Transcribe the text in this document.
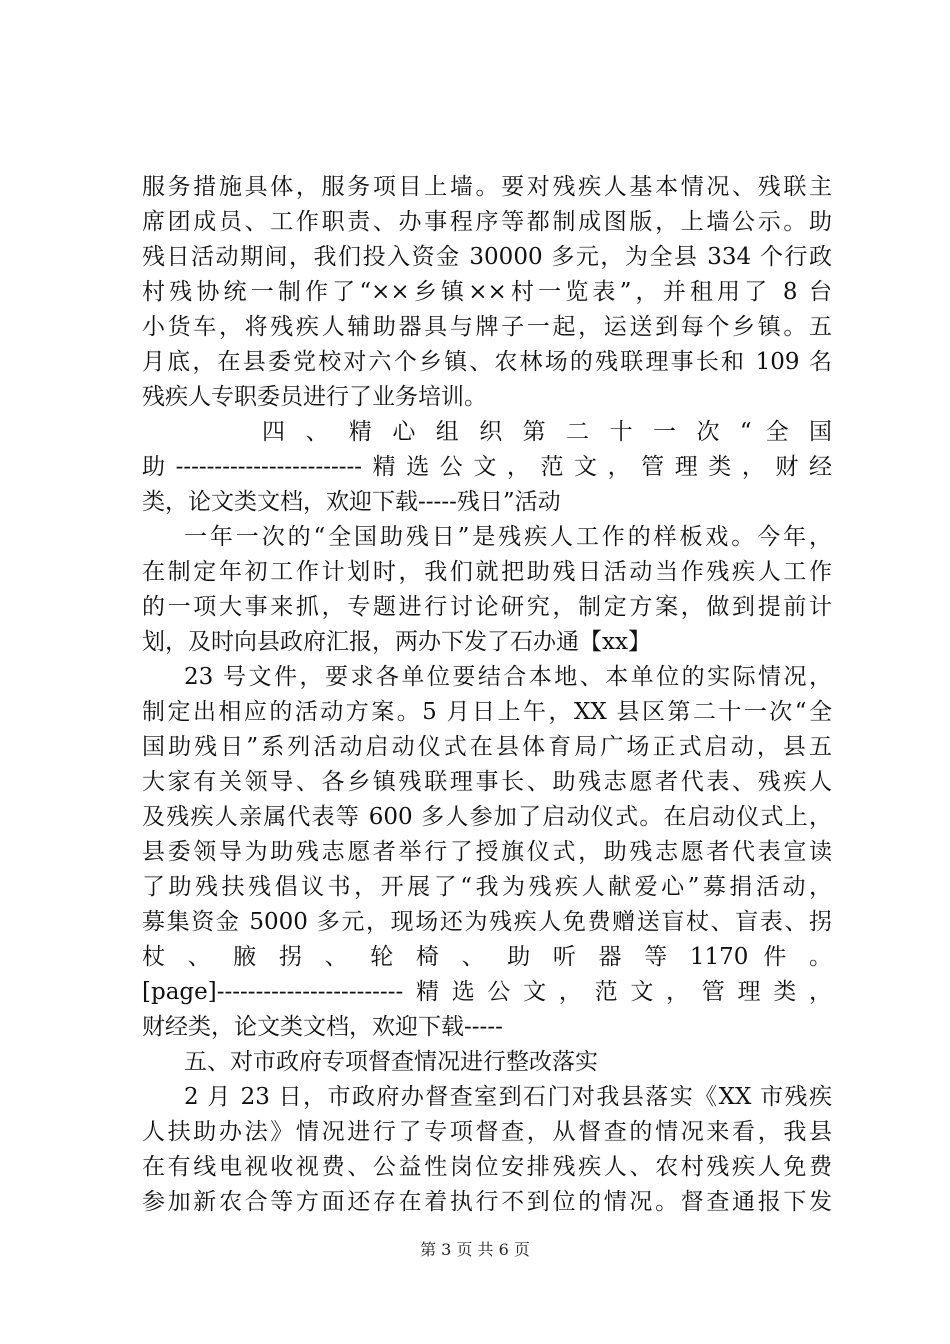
服务措施具体，服务项目上墙。要对残疾人基本情况、残联主
席团成员、工作职责、办事程序等都制成图版，上墙公示。助
残日活动期间，我们投入资金 30000 多元，为全县 334 个行政
村残协统一制作了“××乡镇××村一览表”，并租用了 8 台
小货车，将残疾人辅助器具与牌子一起，运送到每个乡镇。五
月底，在县委党校对六个乡镇、农林场的残联理事长和 109 名
残疾人专职委员进行了业务培训。
四 、 精 心 组 织 第 二 十 一 次 “ 全 国
助------------------------精选公文，范文，管理类，财经
类，论文类文档，欢迎下载-----残日”活动
一年一次的“全国助残日”是残疾人工作的样板戏。今年，
在制定年初工作计划时，我们就把助残日活动当作残疾人工作
的一项大事来抓，专题进行讨论研究，制定方案，做到提前计
划，及时向县政府汇报，两办下发了石办通【xx】
23 号文件，要求各单位要结合本地、本单位的实际情况，
制定出相应的活动方案。5 月日上午，XX 县区第二十一次“全
国助残日”系列活动启动仪式在县体育局广场正式启动，县五
大家有关领导、各乡镇残联理事长、助残志愿者代表、残疾人
及残疾人亲属代表等 600 多人参加了启动仪式。在启动仪式上，
县委领导为助残志愿者举行了授旗仪式，助残志愿者代表宣读
了助残扶残倡议书，开展了“我为残疾人献爱心”募捐活动，
募集资金 5000 多元，现场还为残疾人免费赠送盲杖、盲表、拐
杖 、 腋 拐 、 轮 椅 、 助 听 器 等 1170 件 。
[page]------------------------精选公文，范文，管理类，
财经类，论文类文档，欢迎下载-----
五、对市政府专项督查情况进行整改落实
2 月 23 日，市政府办督查室到石门对我县落实《XX 市残疾
人扶助办法》情况进行了专项督查，从督查的情况来看，我县
在有线电视收视费、公益性岗位安排残疾人、农村残疾人免费
参加新农合等方面还存在着执行不到位的情况。督查通报下发
第 3 页 共 6 页
